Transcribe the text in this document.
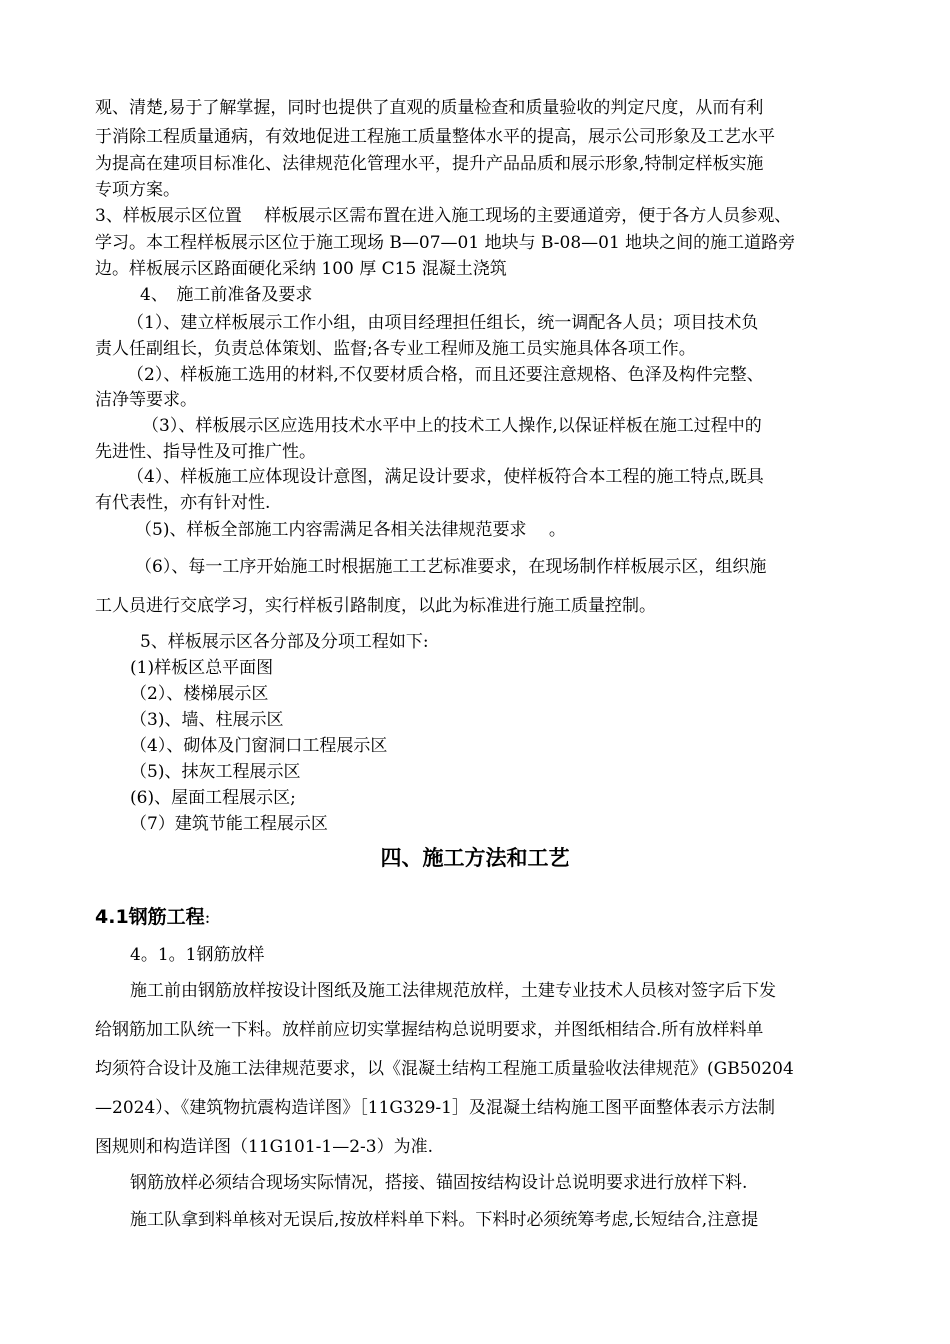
观、清楚,易于了解掌握，同时也提供了直观的质量检查和质量验收的判定尺度，从而有利
于消除工程质量通病，有效地促进工程施工质量整体水平的提高，展示公司形象及工艺水平
为提高在建项目标准化、法律规范化管理水平，提升产品品质和展示形象,特制定样板实施
专项方案。
3、样板展示区位置　 样板展示区需布置在进入施工现场的主要通道旁，便于各方人员参观、
学习。本工程样板展示区位于施工现场 B—07—01 地块与 B-08—01 地块之间的施工道路旁
边。样板展示区路面硬化采纳 100 厚 C15 混凝土浇筑
4、　施工前准备及要求
（1）、建立样板展示工作小组，由项目经理担任组长，统一调配各人员；项目技术负
责人任副组长，负责总体策划、监督;各专业工程师及施工员实施具体各项工作。
（2）、样板施工选用的材料,不仅要材质合格，而且还要注意规格、色泽及构件完整、
洁净等要求。
（3）、样板展示区应选用技术水平中上的技术工人操作,以保证样板在施工过程中的
先进性、指导性及可推广性。
（4）、样板施工应体现设计意图，满足设计要求，使样板符合本工程的施工特点,既具
有代表性，亦有针对性.
（5)、样板全部施工内容需满足各相关法律规范要求 　。
（6）、每一工序开始施工时根据施工工艺标准要求，在现场制作样板展示区，组织施
工人员进行交底学习，实行样板引路制度，以此为标准进行施工质量控制。
5、样板展示区各分部及分项工程如下:
(1)样板区总平面图
（2）、楼梯展示区
（3)、墙、柱展示区
（4）、砌体及门窗洞口工程展示区
（5)、抹灰工程展示区
(6)、屋面工程展示区;
（7）建筑节能工程展示区
四、施工方法和工艺
4.1钢筋工程:
4。1。1钢筋放样
施工前由钢筋放样按设计图纸及施工法律规范放样，土建专业技术人员核对签字后下发
给钢筋加工队统一下料。放样前应切实掌握结构总说明要求，并图纸相结合.所有放样料单
均须符合设计及施工法律规范要求，以《混凝土结构工程施工质量验收法律规范》(GB50204
—2024）、《建筑物抗震构造详图》［11G329-1］及混凝土结构施工图平面整体表示方法制
图规则和构造详图（11G101-1—2-3）为准.
钢筋放样必须结合现场实际情况，搭接、锚固按结构设计总说明要求进行放样下料.
施工队拿到料单核对无误后,按放样料单下料。下料时必须统筹考虑,长短结合,注意提
